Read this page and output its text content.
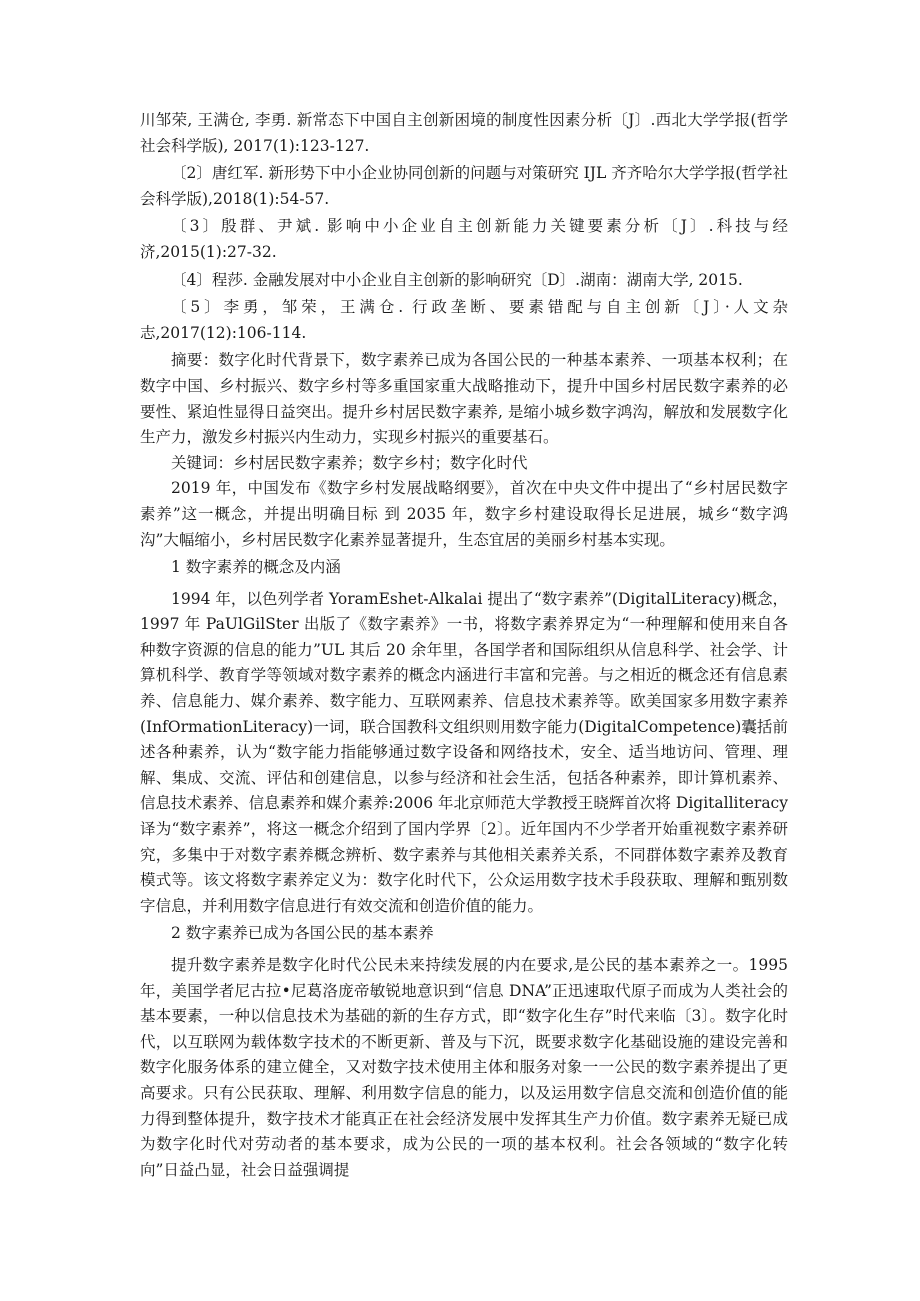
川邹荣, 王满仓, 李勇. 新常态下中国自主创新困境的制度性因素分析〔J〕.西北大学学报(哲学社会科学版), 2017(1):123-127.

〔2〕唐红军. 新形势下中小企业协同创新的问题与对策研究 IJL 齐齐哈尔大学学报(哲学社会科学版),2018(1):54-57.

〔3〕殷群、尹斌. 影响中小企业自主创新能力关键要素分析〔J〕.科技与经济,2015(1):27-32.

〔4〕程莎. 金融发展对中小企业自主创新的影响研究〔D〕.湖南：湖南大学, 2015.

〔5〕李勇，邹荣，王满仓. 行政垄断、要素错配与自主创新〔J〕·人文杂志,2017(12):106-114.

摘要：数字化时代背景下，数字素养已成为各国公民的一种基本素养、一项基本权利；在数字中国、乡村振兴、数字乡村等多重国家重大战略推动下，提升中国乡村居民数字素养的必要性、紧迫性显得日益突出。提升乡村居民数字素养, 是缩小城乡数字鸿沟，解放和发展数字化生产力，激发乡村振兴内生动力，实现乡村振兴的重要基石。

关键词：乡村居民数字素养；数字乡村；数字化时代

2019 年，中国发布《数字乡村发展战略纲要》，首次在中央文件中提出了“乡村居民数字素养”这一概念，并提出明确目标 到 2035 年，数字乡村建设取得长足进展，城乡“数字鸿沟”大幅缩小，乡村居民数字化素养显著提升，生态宜居的美丽乡村基本实现。

1 数字素养的概念及内涵

1994 年，以色列学者 YoramEshet-Alkalai 提出了“数字素养”(DigitalLiteracy)概念，1997 年 PaUlGilSter 出版了《数字素养》一书，将数字素养界定为“一种理解和使用来自各种数字资源的信息的能力”UL 其后 20 余年里，各国学者和国际组织从信息科学、社会学、计算机科学、教育学等领域对数字素养的概念内涵进行丰富和完善。与之相近的概念还有信息素养、信息能力、媒介素养、数字能力、互联网素养、信息技术素养等。欧美国家多用数字素养(InfOrmationLiteracy)一词，联合国教科文组织则用数字能力(DigitalCompetence)囊括前述各种素养，认为“数字能力指能够通过数字设备和网络技术，安全、适当地访问、管理、理解、集成、交流、评估和创建信息，以参与经济和社会生活，包括各种素养，即计算机素养、信息技术素养、信息素养和媒介素养:2006 年北京师范大学教授王晓辉首次将 Digitalliteracy 译为“数字素养”，将这一概念介绍到了国内学界〔2〕。近年国内不少学者开始重视数字素养研究，多集中于对数字素养概念辨析、数字素养与其他相关素养关系，不同群体数字素养及教育模式等。该文将数字素养定义为：数字化时代下，公众运用数字技术手段获取、理解和甄别数字信息，并利用数字信息进行有效交流和创造价值的能力。

2 数字素养已成为各国公民的基本素养

提升数字素养是数字化时代公民未来持续发展的内在要求,是公民的基本素养之一。1995 年，美国学者尼古拉•尼葛洛庞帝敏锐地意识到“信息 DNA”正迅速取代原子而成为人类社会的基本要素，一种以信息技术为基础的新的生存方式，即“数字化生存”时代来临〔3〕。数字化时代，以互联网为载体数字技术的不断更新、普及与下沉，既要求数字化基础设施的建设完善和数字化服务体系的建立健全，又对数字技术使用主体和服务对象一一公民的数字素养提出了更高要求。只有公民获取、理解、利用数字信息的能力，以及运用数字信息交流和创造价值的能力得到整体提升，数字技术才能真正在社会经济发展中发挥其生产力价值。数字素养无疑已成为数字化时代对劳动者的基本要求，成为公民的一项的基本权利。社会各领域的“数字化转向”日益凸显，社会日益强调提
